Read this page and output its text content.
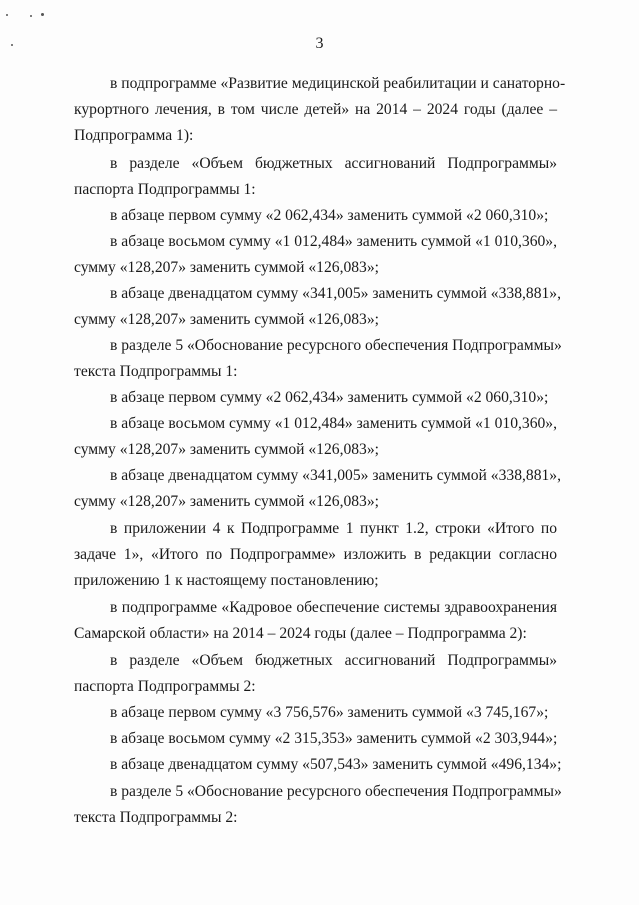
3
в подпрограмме «Развитие медицинской реабилитации и санаторно-
курортного лечения, в том числе детей» на 2014 – 2024 годы (далее –
Подпрограмма 1):
в разделе «Объем бюджетных ассигнований Подпрограммы»
паспорта Подпрограммы 1:
в абзаце первом сумму «2 062,434» заменить суммой «2 060,310»;
в абзаце восьмом сумму «1 012,484» заменить суммой «1 010,360»,
сумму «128,207» заменить суммой «126,083»;
в абзаце двенадцатом сумму «341,005» заменить суммой «338,881»,
сумму «128,207» заменить суммой «126,083»;
в разделе 5 «Обоснование ресурсного обеспечения Подпрограммы»
текста Подпрограммы 1:
в абзаце первом сумму «2 062,434» заменить суммой «2 060,310»;
в абзаце восьмом сумму «1 012,484» заменить суммой «1 010,360»,
сумму «128,207» заменить суммой «126,083»;
в абзаце двенадцатом сумму «341,005» заменить суммой «338,881»,
сумму «128,207» заменить суммой «126,083»;
в приложении 4 к Подпрограмме 1 пункт 1.2, строки «Итого по
задаче 1», «Итого по Подпрограмме» изложить в редакции согласно
приложению 1 к настоящему постановлению;
в подпрограмме «Кадровое обеспечение системы здравоохранения
Самарской области» на 2014 – 2024 годы (далее – Подпрограмма 2):
в разделе «Объем бюджетных ассигнований Подпрограммы»
паспорта Подпрограммы 2:
в абзаце первом сумму «3 756,576» заменить суммой «3 745,167»;
в абзаце восьмом сумму «2 315,353» заменить суммой «2 303,944»;
в абзаце двенадцатом сумму «507,543» заменить суммой «496,134»;
в разделе 5 «Обоснование ресурсного обеспечения Подпрограммы»
текста Подпрограммы 2:
